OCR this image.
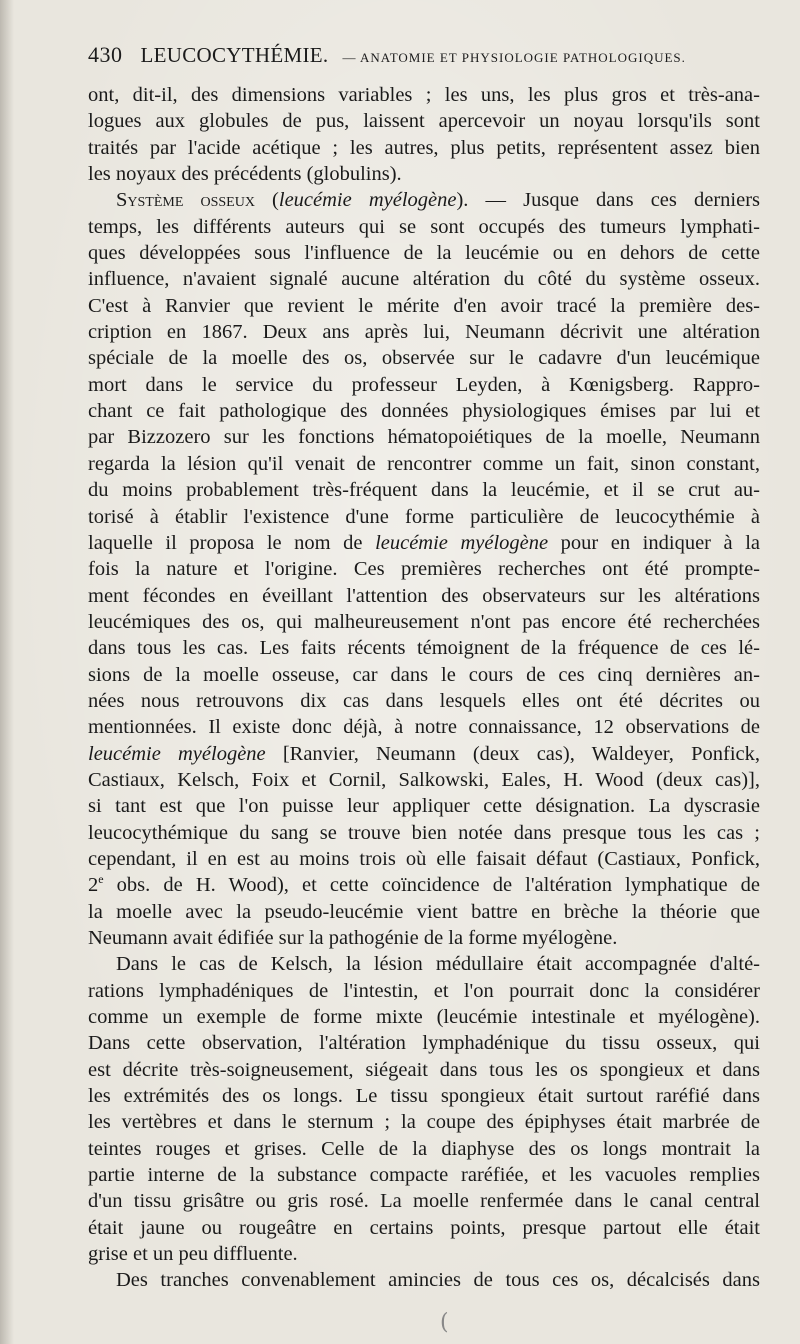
430 LEUCOCYTHÉMIE. — ANATOMIE ET PHYSIOLOGIE PATHOLOGIQUES.
ont, dit-il, des dimensions variables ; les uns, les plus gros et très-ana-
logues aux globules de pus, laissent apercevoir un noyau lorsqu'ils sont
traités par l'acide acétique ; les autres, plus petits, représentent assez bien
les noyaux des précédents (globulins).
Système osseux (leucémie myélogène). — Jusque dans ces derniers
temps, les différents auteurs qui se sont occupés des tumeurs lymphati-
ques développées sous l'influence de la leucémie ou en dehors de cette
influence, n'avaient signalé aucune altération du côté du système osseux.
C'est à Ranvier que revient le mérite d'en avoir tracé la première des-
cription en 1867. Deux ans après lui, Neumann décrivit une altération
spéciale de la moelle des os, observée sur le cadavre d'un leucémique
mort dans le service du professeur Leyden, à Kœnigsberg. Rappro-
chant ce fait pathologique des données physiologiques émises par lui et
par Bizzozero sur les fonctions hématopoiétiques de la moelle, Neumann
regarda la lésion qu'il venait de rencontrer comme un fait, sinon constant,
du moins probablement très-fréquent dans la leucémie, et il se crut au-
torisé à établir l'existence d'une forme particulière de leucocythémie à
laquelle il proposa le nom de leucémie myélogène pour en indiquer à la
fois la nature et l'origine. Ces premières recherches ont été prompte-
ment fécondes en éveillant l'attention des observateurs sur les altérations
leucémiques des os, qui malheureusement n'ont pas encore été recherchées
dans tous les cas. Les faits récents témoignent de la fréquence de ces lé-
sions de la moelle osseuse, car dans le cours de ces cinq dernières an-
nées nous retrouvons dix cas dans lesquels elles ont été décrites ou
mentionnées. Il existe donc déjà, à notre connaissance, 12 observations de
leucémie myélogène [Ranvier, Neumann (deux cas), Waldeyer, Ponfick,
Castiaux, Kelsch, Foix et Cornil, Salkowski, Eales, H. Wood (deux cas)],
si tant est que l'on puisse leur appliquer cette désignation. La dyscrasie
leucocythémique du sang se trouve bien notée dans presque tous les cas ;
cependant, il en est au moins trois où elle faisait défaut (Castiaux, Ponfick,
2e obs. de H. Wood), et cette coïncidence de l'altération lymphatique de
la moelle avec la pseudo-leucémie vient battre en brèche la théorie que
Neumann avait édifiée sur la pathogénie de la forme myélogène.
Dans le cas de Kelsch, la lésion médullaire était accompagnée d'alté-
rations lymphadéniques de l'intestin, et l'on pourrait donc la considérer
comme un exemple de forme mixte (leucémie intestinale et myélogène).
Dans cette observation, l'altération lymphadénique du tissu osseux, qui
est décrite très-soigneusement, siégeait dans tous les os spongieux et dans
les extrémités des os longs. Le tissu spongieux était surtout raréfié dans
les vertèbres et dans le sternum ; la coupe des épiphyses était marbrée de
teintes rouges et grises. Celle de la diaphyse des os longs montrait la
partie interne de la substance compacte raréfiée, et les vacuoles remplies
d'un tissu grisâtre ou gris rosé. La moelle renfermée dans le canal central
était jaune ou rougeâtre en certains points, presque partout elle était
grise et un peu diffluente.
Des tranches convenablement amincies de tous ces os, décalcisés dans
(
